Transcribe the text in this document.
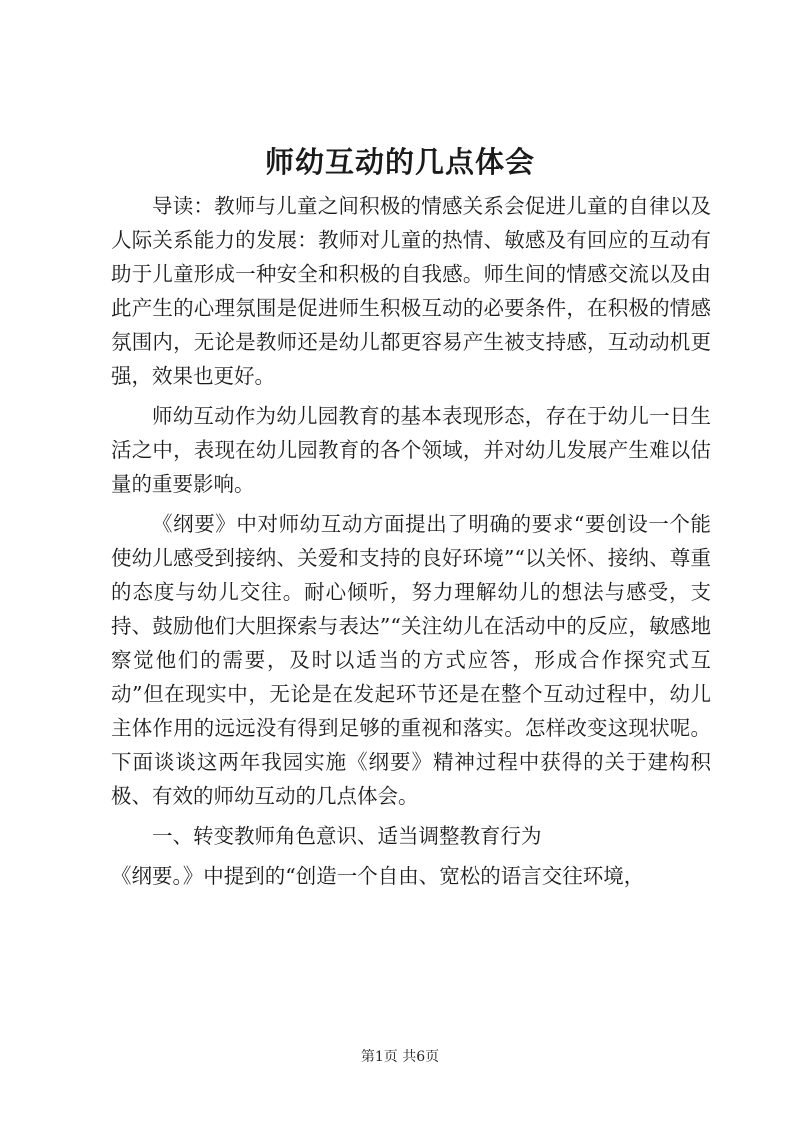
师幼互动的几点体会

导读：教师与儿童之间积极的情感关系会促进儿童的自律以及人际关系能力的发展：教师对儿童的热情、敏感及有回应的互动有助于儿童形成一种安全和积极的自我感。师生间的情感交流以及由此产生的心理氛围是促进师生积极互动的必要条件，在积极的情感氛围内，无论是教师还是幼儿都更容易产生被支持感，互动动机更强，效果也更好。

师幼互动作为幼儿园教育的基本表现形态，存在于幼儿一日生活之中，表现在幼儿园教育的各个领域，并对幼儿发展产生难以估量的重要影响。

《纲要》中对师幼互动方面提出了明确的要求“要创设一个能使幼儿感受到接纳、关爱和支持的良好环境”“以关怀、接纳、尊重的态度与幼儿交往。耐心倾听，努力理解幼儿的想法与感受，支持、鼓励他们大胆探索与表达”“关注幼儿在活动中的反应，敏感地察觉他们的需要，及时以适当的方式应答，形成合作探究式互动”但在现实中，无论是在发起环节还是在整个互动过程中，幼儿主体作用的远远没有得到足够的重视和落实。怎样改变这现状呢。下面谈谈这两年我园实施《纲要》精神过程中获得的关于建构积极、有效的师幼互动的几点体会。

一、转变教师角色意识、适当调整教育行为

《纲要。》中提到的“创造一个自由、宽松的语言交往环境，

第1页 共6页
